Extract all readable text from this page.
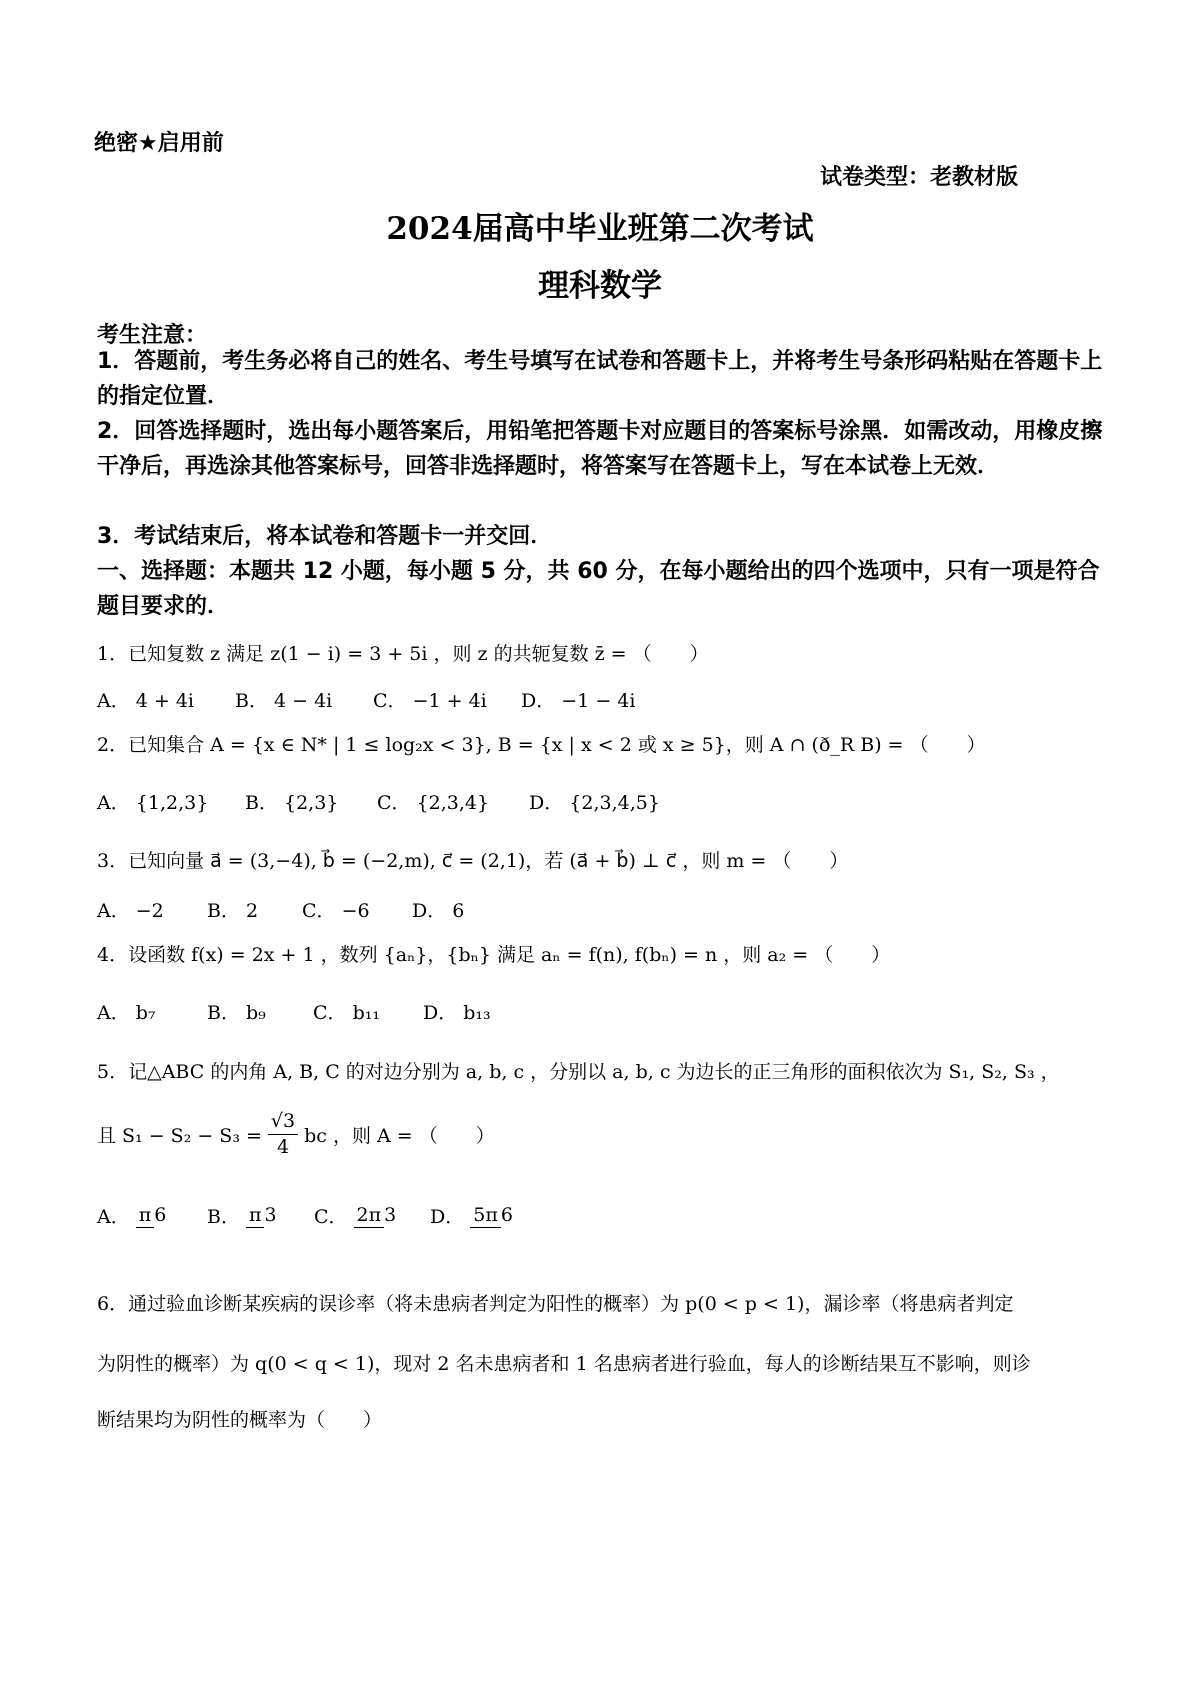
绝密★启用前
试卷类型：老教材版
2024届高中毕业班第二次考试
理科数学
考生注意：
1．答题前，考生务必将自己的姓名、考生号填写在试卷和答题卡上，并将考生号条形码粘贴在答题卡上的指定位置．
2．回答选择题时，选出每小题答案后，用铅笔把答题卡对应题目的答案标号涂黑．如需改动，用橡皮擦干净后，再选涂其他答案标号，回答非选择题时，将答案写在答题卡上，写在本试卷上无效．
3．考试结束后，将本试卷和答题卡一并交回．
一、选择题：本题共 12 小题，每小题 5 分，共 60 分，在每小题给出的四个选项中，只有一项是符合题目要求的．
1．已知复数 z 满足 z(1 − i) = 3 + 5i ，则 z 的共轭复数 z̄ = （　　）
A． 4 + 4i	B． 4 − 4i	C． −1 + 4i	D． −1 − 4i
2．已知集合 A = {x ∈ N* | 1 ≤ log₂x < 3}, B = {x | x < 2 或 x ≥ 5}，则 A ∩ (ð_R B) = （　　）
A． {1,2,3}	B． {2,3}	C． {2,3,4}	D． {2,3,4,5}
3．已知向量 a⃗ = (3,−4), b⃗ = (−2,m), c⃗ = (2,1)，若 (a⃗ + b⃗) ⊥ c⃗ ，则 m = （　　）
A． −2	B． 2	C． −6	D． 6
4．设函数 f(x) = 2x + 1 ，数列 {aₙ}，{bₙ} 满足 aₙ = f(n), f(bₙ) = n ，则 a₂ = （　　）
A． b₇	B． b₉	C． b₁₁	D． b₁₃
5．记△ABC 的内角 A, B, C 的对边分别为 a, b, c ，分别以 a, b, c 为边长的正三角形的面积依次为 S₁, S₂, S₃ ，
且 $S_1 - S_2 - S_3 = \frac{√3}{4}$ bc ，则 A = （　　）
A． π 6 B． π 3 C． 2π 3 D． 5π 6
6．通过验血诊断某疾病的误诊率（将未患病者判定为阳性的概率）为 p(0 < p < 1)，漏诊率（将患病者判定
为阴性的概率）为 q(0 < q < 1)，现对 2 名未患病者和 1 名患病者进行验血，每人的诊断结果互不影响，则诊
断结果均为阴性的概率为（　　）
